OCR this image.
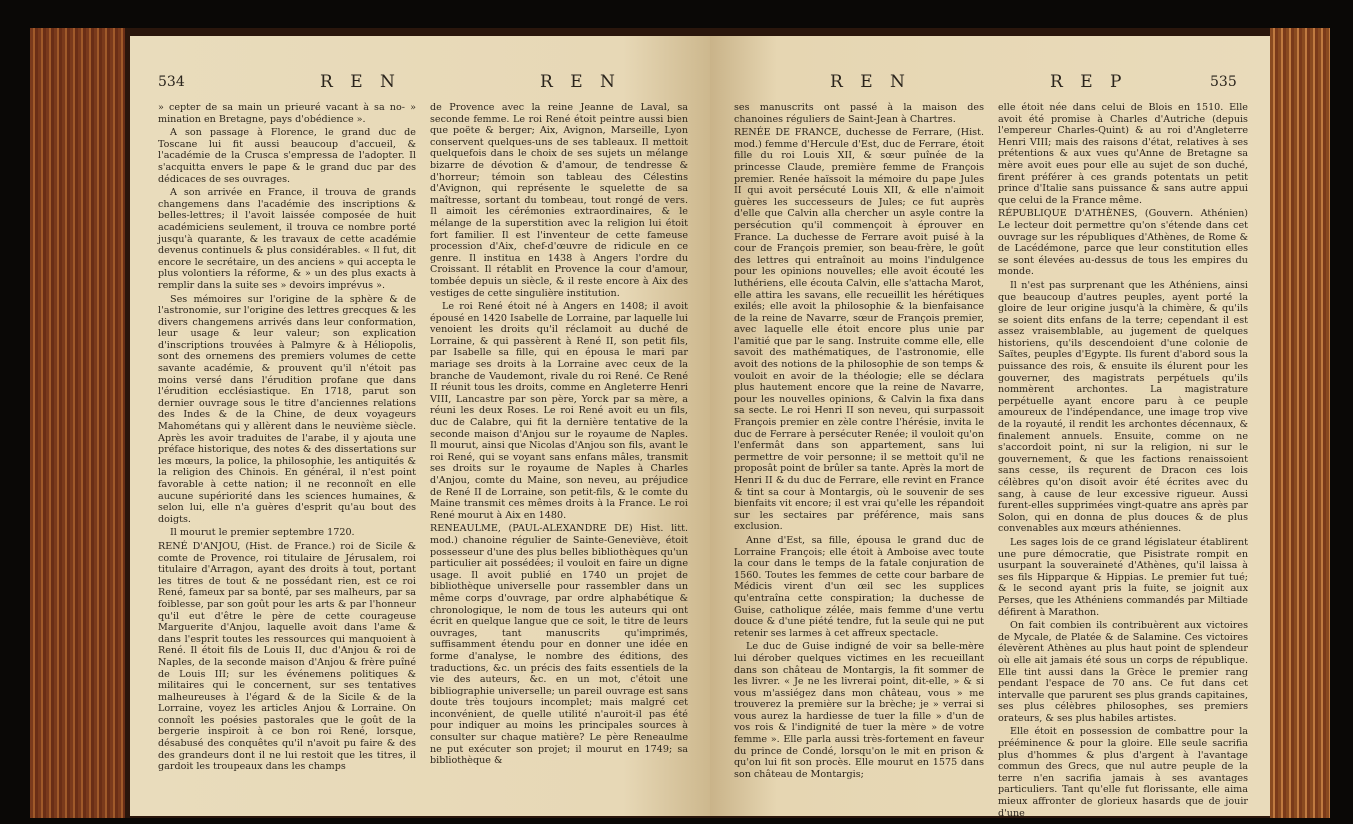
534	R E N	R E N

» cepter de sa main un prieuré vacant à sa no- » mination en Bretagne, pays d'obédience ».

A son passage à Florence, le grand duc de Toscane lui fit aussi beaucoup d'accueil, & l'académie de la Crusca s'empressa de l'adopter. Il s'acquitta envers le pape & le grand duc par des dédicaces de ses ouvrages.

A son arrivée en France, il trouva de grands changemens dans l'académie des inscriptions & belles-lettres; il l'avoit laissée composée de huit académiciens seulement, il trouva ce nombre porté jusqu'à quarante, & les travaux de cette académie devenus continuels & plus considérables. « Il fut, dit encore le secrétaire, un des anciens » qui accepta le plus volontiers la réforme, & » un des plus exacts à remplir dans la suite ses » devoirs imprévus ».

Ses mémoires sur l'origine de la sphère & de l'astronomie, sur l'origine des lettres grecques & les divers changemens arrivés dans leur conformation, leur usage & leur valeur; son explication d'inscriptions trouvées à Palmyre & à Héliopolis, sont des ornemens des premiers volumes de cette savante académie, & prouvent qu'il n'étoit pas moins versé dans l'érudition profane que dans l'érudition ecclésiastique. En 1718, parut son dernier ouvrage sous le titre d'anciennes relations des Indes & de la Chine, de deux voyageurs Mahométans qui y allèrent dans le neuvième siècle. Après les avoir traduites de l'arabe, il y ajouta une préface historique, des notes & des dissertations sur les mœurs, la police, la philosophie, les antiquités & la religion des Chinois. En général, il n'est point favorable à cette nation; il ne reconnoît en elle aucune supériorité dans les sciences humaines, & selon lui, elle n'a guères d'esprit qu'au bout des doigts.

Il mourut le premier septembre 1720.

RENÉ D'ANJOU, (Hist. de France.) roi de Sicile & comte de Provence, roi titulaire de Jérusalem, roi titulaire d'Arragon, ayant des droits à tout, portant les titres de tout & ne possédant rien, est ce roi René, fameux par sa bonté, par ses malheurs, par sa foiblesse, par son goût pour les arts & par l'honneur qu'il eut d'être le père de cette courageuse Marguerite d'Anjou, laquelle avoit dans l'ame & dans l'esprit toutes les ressources qui manquoient à René. Il étoit fils de Louis II, duc d'Anjou & roi de Naples, de la seconde maison d'Anjou & frère puîné de Louis III; sur les événemens politiques & militaires qui le concernent, sur ses tentatives malheureuses à l'égard & de la Sicile & de la Lorraine, voyez les articles Anjou & Lorraine. On connoît les poésies pastorales que le goût de la bergerie inspiroit à ce bon roi René, lorsque, désabusé des conquêtes qu'il n'avoit pu faire & des des grandeurs dont il ne lui restoit que les titres, il gardoit les troupeaux dans les champs

de Provence avec la reine Jeanne de Laval, sa seconde femme. Le roi René étoit peintre aussi bien que poëte & berger; Aix, Avignon, Marseille, Lyon conservent quelques-uns de ses tableaux. Il mettoit quelquefois dans le choix de ses sujets un mélange bizarre de dévotion & d'amour, de tendresse & d'horreur; témoin son tableau des Célestins d'Avignon, qui représente le squelette de sa maîtresse, sortant du tombeau, tout rongé de vers. Il aimoit les cérémonies extraordinaires, & le mélange de la superstition avec la religion lui étoit fort familier. Il est l'inventeur de cette fameuse procession d'Aix, chef-d'œuvre de ridicule en ce genre. Il institua en 1438 à Angers l'ordre du Croissant. Il rétablit en Provence la cour d'amour, tombée depuis un siècle, & il reste encore à Aix des vestiges de cette singulière institution.

Le roi René étoit né à Angers en 1408; il avoit épousé en 1420 Isabelle de Lorraine, par laquelle lui venoient les droits qu'il réclamoit au duché de Lorraine, & qui passèrent à René II, son petit fils, par Isabelle sa fille, qui en épousa le mari par mariage ses droits à la Lorraine avec ceux de la branche de Vaudemont, rivale du roi René. Ce René II réunit tous les droits, comme en Angleterre Henri VIII, Lancastre par son père, Yorck par sa mère, a réuni les deux Roses. Le roi René avoit eu un fils, duc de Calabre, qui fit la dernière tentative de la seconde maison d'Anjou sur le royaume de Naples. Il mourut, ainsi que Nicolas d'Anjou son fils, avant le roi René, qui se voyant sans enfans mâles, transmit ses droits sur le royaume de Naples à Charles d'Anjou, comte du Maine, son neveu, au préjudice de René II de Lorraine, son petit-fils, & le comte du Maine transmit ces mêmes droits à la France. Le roi René mourut à Aix en 1480.

RENEAULME, (PAUL-ALEXANDRE DE) Hist. litt. mod.) chanoine régulier de Sainte-Geneviève, étoit possesseur d'une des plus belles bibliothèques qu'un particulier ait possédées; il vouloit en faire un digne usage. Il avoit publié en 1740 un projet de bibliothèque universelle pour rassembler dans un même corps d'ouvrage, par ordre alphabétique & chronologique, le nom de tous les auteurs qui ont écrit en quelque langue que ce soit, le titre de leurs ouvrages, tant manuscrits qu'imprimés, suffisamment étendu pour en donner une idée en forme d'analyse, le nombre des éditions, des traductions, &c. un précis des faits essentiels de la vie des auteurs, &c. en un mot, c'étoit une bibliographie universelle; un pareil ouvrage est sans doute très toujours incomplet; mais malgré cet inconvénient, de quelle utilité n'auroit-il pas été pour indiquer au moins les principales sources à consulter sur chaque matière? Le père Reneaulme ne put exécuter son projet; il mourut en 1749; sa bibliothèque &

R E N	R E P	535

ses manuscrits ont passé à la maison des chanoines réguliers de Saint-Jean à Chartres.

RENÉE DE FRANCE, duchesse de Ferrare, (Hist. mod.) femme d'Hercule d'Est, duc de Ferrare, étoit fille du roi Louis XII, & sœur puînée de la princesse Claude, première femme de François premier. Renée haïssoit la mémoire du pape Jules II qui avoit persécuté Louis XII, & elle n'aimoit guères les successeurs de Jules; ce fut auprès d'elle que Calvin alla chercher un asyle contre la persécution qu'il commençoit à éprouver en France. La duchesse de Ferrare avoit puisé à la cour de François premier, son beau-frère, le goût des lettres qui entraînoit au moins l'indulgence pour les opinions nouvelles; elle avoit écouté les luthériens, elle écouta Calvin, elle s'attacha Marot, elle attira les savans, elle recueillit les hérétiques exilés; elle avoit la philosophie & la bienfaisance de la reine de Navarre, sœur de François premier, avec laquelle elle étoit encore plus unie par l'amitié que par le sang. Instruite comme elle, elle savoit des mathématiques, de l'astronomie, elle avoit des notions de la philosophie de son temps & vouloit en avoir de la théologie; elle se déclara plus hautement encore que la reine de Navarre, pour les nouvelles opinions, & Calvin la fixa dans sa secte. Le roi Henri II son neveu, qui surpassoit François premier en zèle contre l'hérésie, invita le duc de Ferrare à persécuter Renée; il vouloit qu'on l'enfermât dans son appartement, sans lui permettre de voir personne; il se mettoit qu'il ne proposât point de brûler sa tante. Après la mort de Henri II & du duc de Ferrare, elle revint en France & tint sa cour à Montargis, où le souvenir de ses bienfaits vit encore; il est vrai qu'elle les répandoit sur les sectaires par préférence, mais sans exclusion.

Anne d'Est, sa fille, épousa le grand duc de Lorraine François; elle étoit à Amboise avec toute la cour dans le temps de la fatale conjuration de 1560. Toutes les femmes de cette cour barbare de Médicis virent d'un œil sec les supplices qu'entraîna cette conspiration; la duchesse de Guise, catholique zélée, mais femme d'une vertu douce & d'une piété tendre, fut la seule qui ne put retenir ses larmes à cet affreux spectacle.

Le duc de Guise indigné de voir sa belle-mère lui dérober quelques victimes en les recueillant dans son château de Montargis, la fit sommer de les livrer. « Je ne les livrerai point, dit-elle, » & si vous m'assiégez dans mon château, vous » me trouverez la première sur la brèche; je » verrai si vous aurez la hardiesse de tuer la fille » d'un de vos rois & l'indignité de tuer la mère » de votre femme ». Elle parla aussi très-fortement en faveur du prince de Condé, lorsqu'on le mit en prison & qu'on lui fit son procès. Elle mourut en 1575 dans son château de Montargis;

elle étoit née dans celui de Blois en 1510. Elle avoit été promise à Charles d'Autriche (depuis l'empereur Charles-Quint) & au roi d'Angleterre Henri VIII; mais des raisons d'état, relatives à ses prétentions & aux vues qu'Anne de Bretagne sa mère avoit eues pour elle au sujet de son duché, firent préférer à ces grands potentats un petit prince d'Italie sans puissance & sans autre appui que celui de la France même.

RÉPUBLIQUE D'ATHÈNES, (Gouvern. Athénien) Le lecteur doit permettre qu'on s'étende dans cet ouvrage sur les républiques d'Athènes, de Rome & de Lacédémone, parce que leur constitution elles se sont élevées au-dessus de tous les empires du monde.

Il n'est pas surprenant que les Athéniens, ainsi que beaucoup d'autres peuples, ayent porté la gloire de leur origine jusqu'à la chimère, & qu'ils se soient dits enfans de la terre; cependant il est assez vraisemblable, au jugement de quelques historiens, qu'ils descendoient d'une colonie de Saïtes, peuples d'Egypte. Ils furent d'abord sous la puissance des rois, & ensuite ils élurent pour les gouverner, des magistrats perpétuels qu'ils nommèrent archontes. La magistrature perpétuelle ayant encore paru à ce peuple amoureux de l'indépendance, une image trop vive de la royauté, il rendit les archontes décennaux, & finalement annuels. Ensuite, comme on ne s'accordoit point, ni sur la religion, ni sur le gouvernement, & que les factions renaissoient sans cesse, ils reçurent de Dracon ces lois célèbres qu'on disoit avoir été écrites avec du sang, à cause de leur excessive rigueur. Aussi furent-elles supprimées vingt-quatre ans après par Solon, qui en donna de plus douces & de plus convenables aux mœurs athéniennes.

Les sages lois de ce grand législateur établirent une pure démocratie, que Pisistrate rompit en usurpant la souveraineté d'Athènes, qu'il laissa à ses fils Hipparque & Hippias. Le premier fut tué; & le second ayant pris la fuite, se joignit aux Perses, que les Athéniens commandés par Miltiade défirent à Marathon.

On fait combien ils contribuèrent aux victoires de Mycale, de Platée & de Salamine. Ces victoires élevèrent Athènes au plus haut point de splendeur où elle ait jamais été sous un corps de république. Elle tint aussi dans la Grèce le premier rang pendant l'espace de 70 ans. Ce fut dans cet intervalle que parurent ses plus grands capitaines, ses plus célèbres philosophes, ses premiers orateurs, & ses plus habiles artistes.

Elle étoit en possession de combattre pour la prééminence & pour la gloire. Elle seule sacrifia plus d'hommes & plus d'argent à l'avantage commun des Grecs, que nul autre peuple de la terre n'en sacrifia jamais à ses avantages particuliers. Tant qu'elle fut florissante, elle aima mieux affronter de glorieux hasards que de jouir d'une
